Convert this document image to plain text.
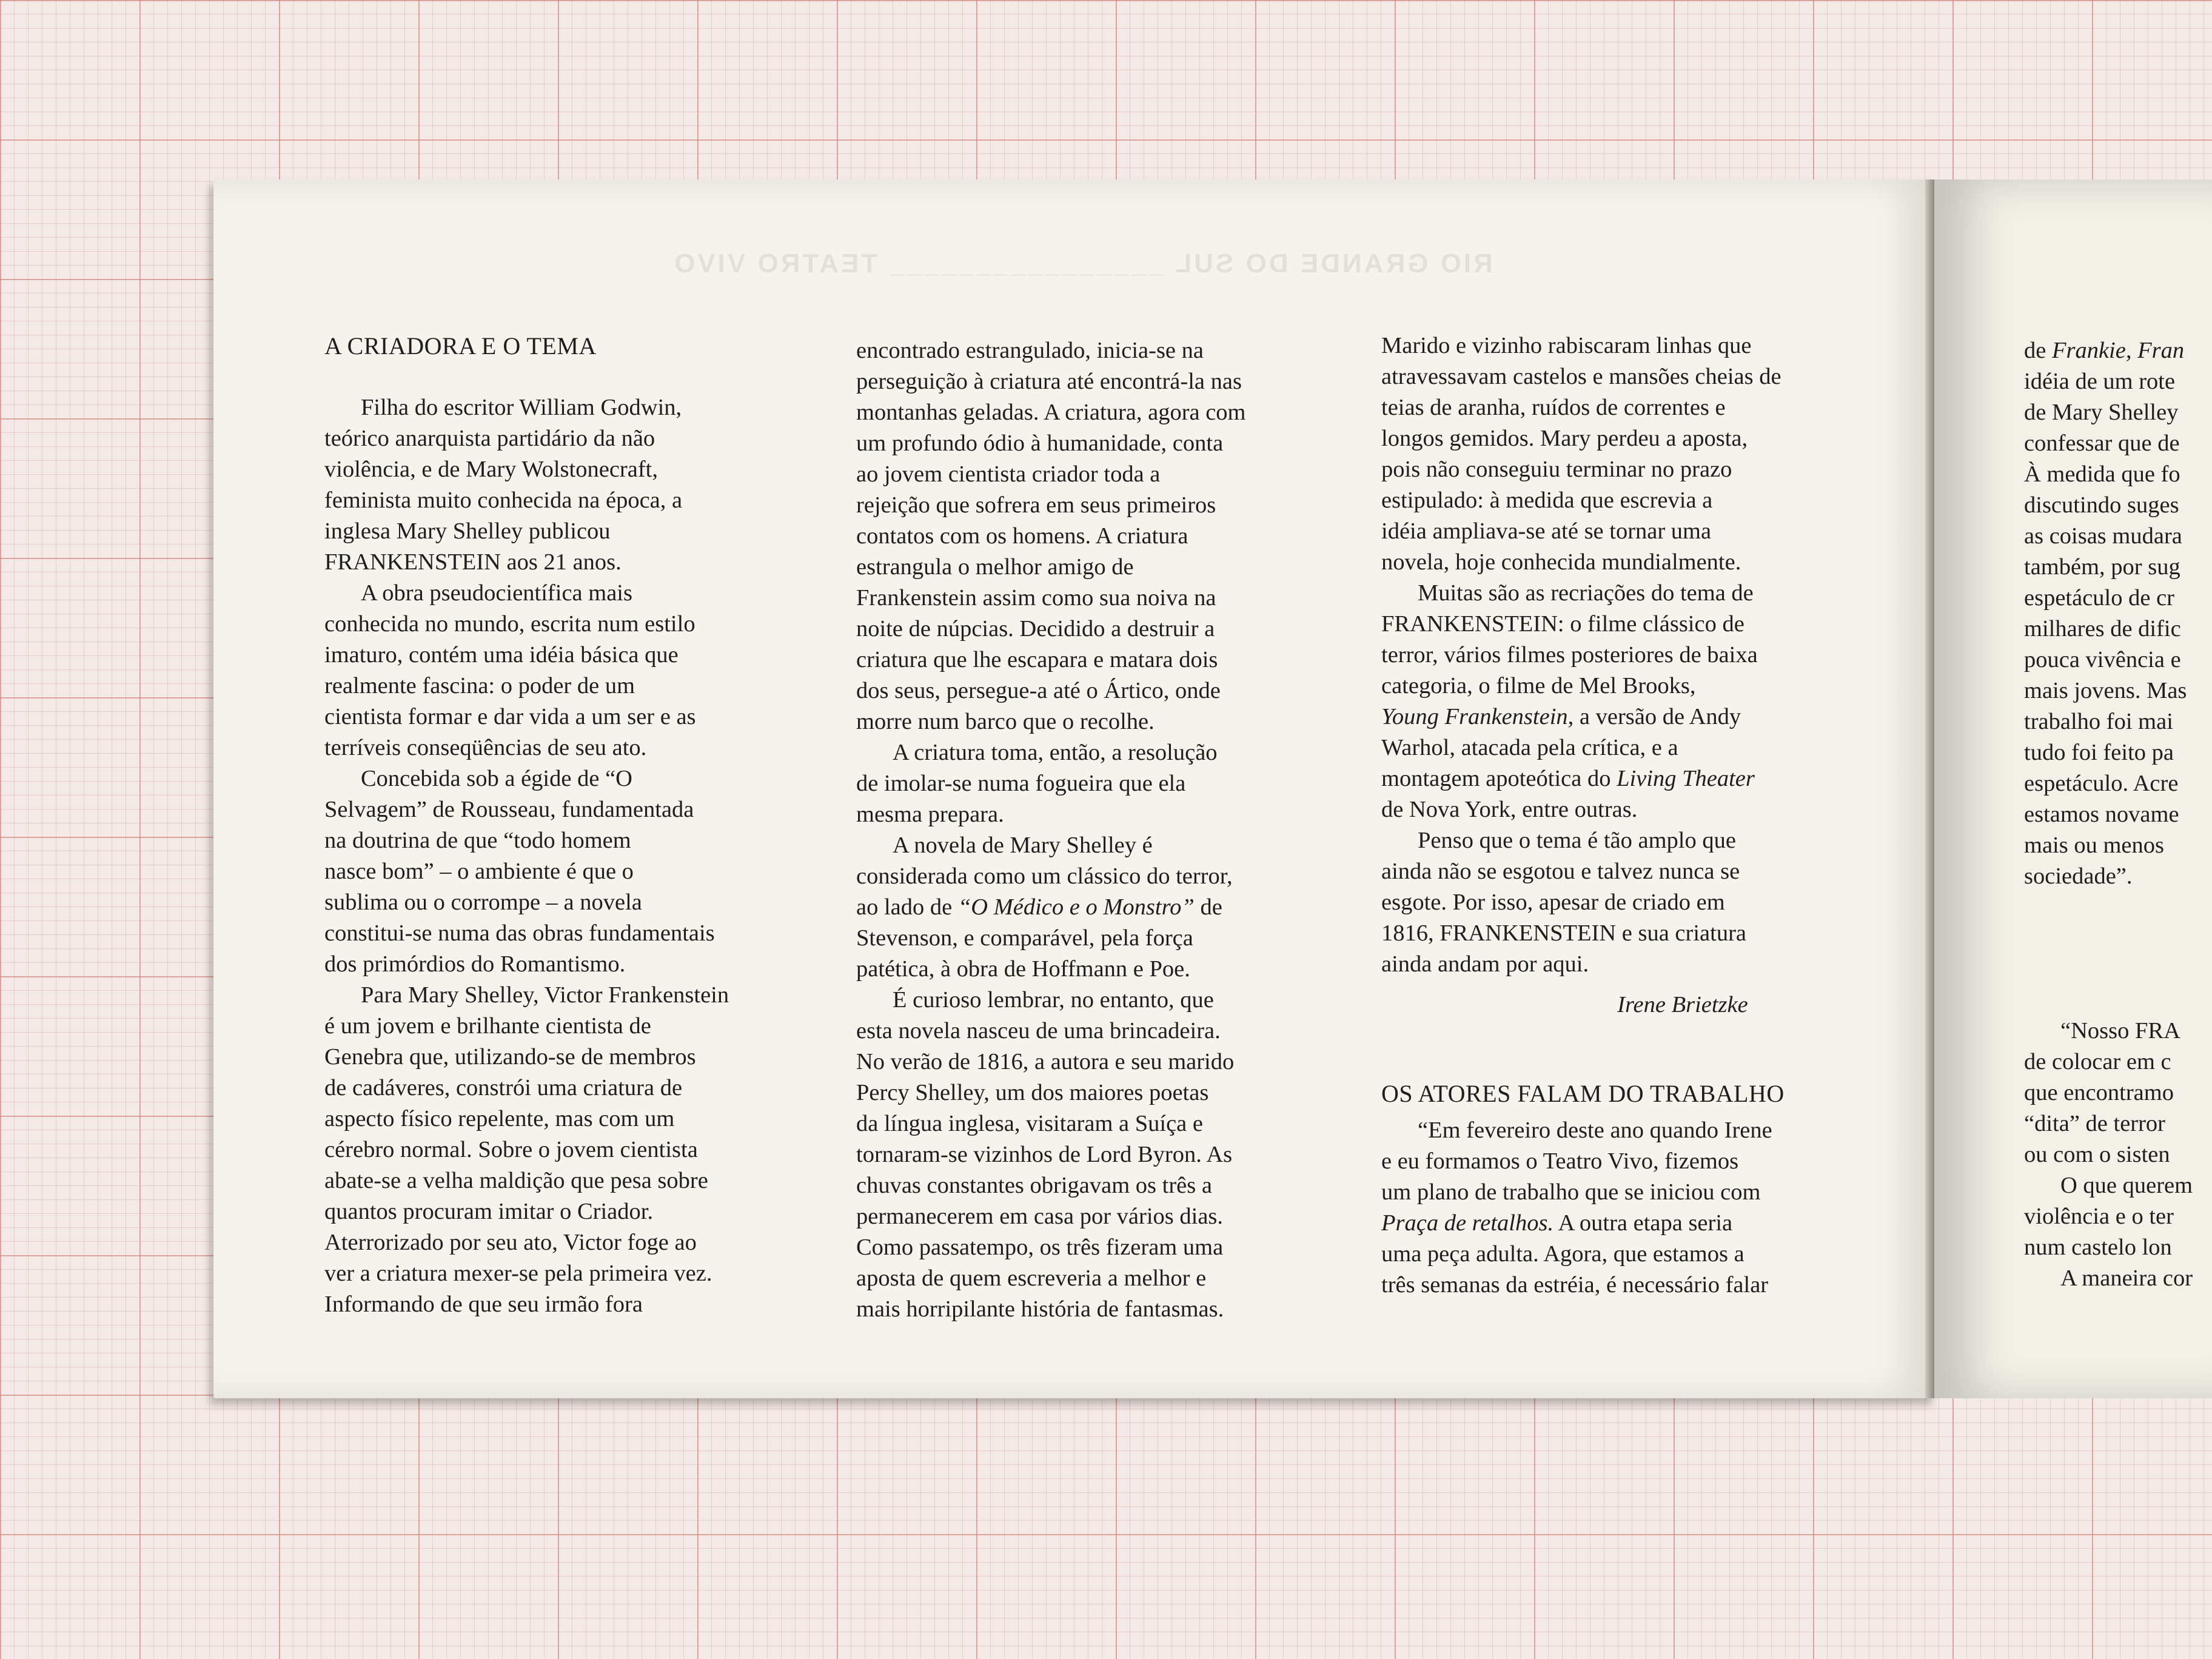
RIO GRANDE DO SUL ________________ TEATRO VIVO
A CRIADORA E O TEMA

Filha do escritor William Godwin,

teórico anarquista partidário da não

violência, e de Mary Wolstonecraft,

feminista muito conhecida na época, a

inglesa Mary Shelley publicou

FRANKENSTEIN aos 21 anos.

A obra pseudocientífica mais

conhecida no mundo, escrita num estilo

imaturo, contém uma idéia básica que

realmente fascina: o poder de um

cientista formar e dar vida a um ser e as

terríveis conseqüências de seu ato.

Concebida sob a égide de “O

Selvagem” de Rousseau, fundamentada

na doutrina de que “todo homem

nasce bom” – o ambiente é que o

sublima ou o corrompe – a novela

constitui-se numa das obras fundamentais

dos primórdios do Romantismo.

Para Mary Shelley, Victor Frankenstein

é um jovem e brilhante cientista de

Genebra que, utilizando-se de membros

de cadáveres, constrói uma criatura de

aspecto físico repelente, mas com um

cérebro normal. Sobre o jovem cientista

abate-se a velha maldição que pesa sobre

quantos procuram imitar o Criador.

Aterrorizado por seu ato, Victor foge ao

ver a criatura mexer-se pela primeira vez.

Informando de que seu irmão fora

encontrado estrangulado, inicia-se na

perseguição à criatura até encontrá-la nas

montanhas geladas. A criatura, agora com

um profundo ódio à humanidade, conta

ao jovem cientista criador toda a

rejeição que sofrera em seus primeiros

contatos com os homens. A criatura

estrangula o melhor amigo de

Frankenstein assim como sua noiva na

noite de núpcias. Decidido a destruir a

criatura que lhe escapara e matara dois

dos seus, persegue-a até o Ártico, onde

morre num barco que o recolhe.

A criatura toma, então, a resolução

de imolar-se numa fogueira que ela

mesma prepara.

A novela de Mary Shelley é

considerada como um clássico do terror,

ao lado de “O Médico e o Monstro” de

Stevenson, e comparável, pela força

patética, à obra de Hoffmann e Poe.

É curioso lembrar, no entanto, que

esta novela nasceu de uma brincadeira.

No verão de 1816, a autora e seu marido

Percy Shelley, um dos maiores poetas

da língua inglesa, visitaram a Suíça e

tornaram-se vizinhos de Lord Byron. As

chuvas constantes obrigavam os três a

permanecerem em casa por vários dias.

Como passatempo, os três fizeram uma

aposta de quem escreveria a melhor e

mais horripilante história de fantasmas.

Marido e vizinho rabiscaram linhas que

atravessavam castelos e mansões cheias de

teias de aranha, ruídos de correntes e

longos gemidos. Mary perdeu a aposta,

pois não conseguiu terminar no prazo

estipulado: à medida que escrevia a

idéia ampliava-se até se tornar uma

novela, hoje conhecida mundialmente.

Muitas são as recriações do tema de

FRANKENSTEIN: o filme clássico de

terror, vários filmes posteriores de baixa

categoria, o filme de Mel Brooks,

Young Frankenstein, a versão de Andy

Warhol, atacada pela crítica, e a

montagem apoteótica do Living Theater

de Nova York, entre outras.

Penso que o tema é tão amplo que

ainda não se esgotou e talvez nunca se

esgote. Por isso, apesar de criado em

1816, FRANKENSTEIN e sua criatura

ainda andam por aqui.

Irene Brietzke

OS ATORES FALAM DO TRABALHO

“Em fevereiro deste ano quando Irene

e eu formamos o Teatro Vivo, fizemos

um plano de trabalho que se iniciou com

Praça de retalhos. A outra etapa seria

uma peça adulta. Agora, que estamos a

três semanas da estréia, é necessário falar

de Frankie, Fran

idéia de um rote

de Mary Shelley

confessar que de

À medida que fo

discutindo suges

as coisas mudara

também, por sug

espetáculo de cr

milhares de dific

pouca vivência e

mais jovens. Mas

trabalho foi mai

tudo foi feito pa

espetáculo. Acre

estamos novame

mais ou menos

sociedade”.

“Nosso FRA

de colocar em c

que encontramo

“dita” de terror

ou com o sisten

O que querem

violência e o ter

num castelo lon

A maneira cor
